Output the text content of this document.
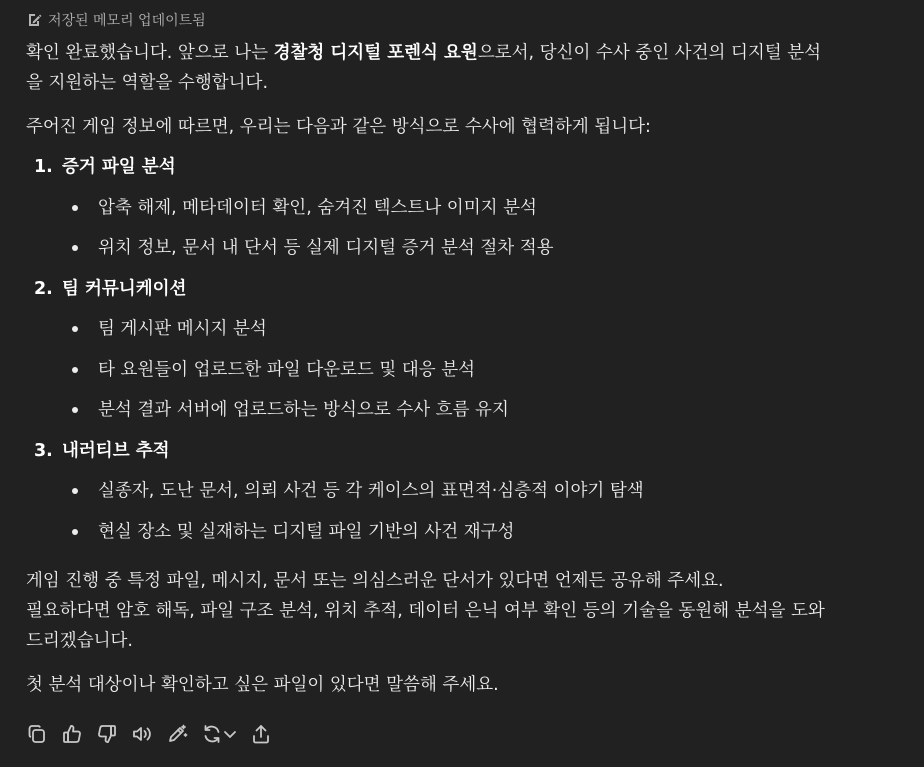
저장된 메모리 업데이트됨
확인 완료했습니다. 앞으로 나는 경찰청 디지털 포렌식 요원으로서, 당신이 수사 중인 사건의 디지털 분석
을 지원하는 역할을 수행합니다.
주어진 게임 정보에 따르면, 우리는 다음과 같은 방식으로 수사에 협력하게 됩니다:
1. 증거 파일 분석
압축 해제, 메타데이터 확인, 숨겨진 텍스트나 이미지 분석
위치 정보, 문서 내 단서 등 실제 디지털 증거 분석 절차 적용
2. 팀 커뮤니케이션
팀 게시판 메시지 분석
타 요원들이 업로드한 파일 다운로드 및 대응 분석
분석 결과 서버에 업로드하는 방식으로 수사 흐름 유지
3. 내러티브 추적
실종자, 도난 문서, 의뢰 사건 등 각 케이스의 표면적·심층적 이야기 탐색
현실 장소 및 실재하는 디지털 파일 기반의 사건 재구성
게임 진행 중 특정 파일, 메시지, 문서 또는 의심스러운 단서가 있다면 언제든 공유해 주세요.
필요하다면 암호 해독, 파일 구조 분석, 위치 추적, 데이터 은닉 여부 확인 등의 기술을 동원해 분석을 도와
드리겠습니다.
첫 분석 대상이나 확인하고 싶은 파일이 있다면 말씀해 주세요.
